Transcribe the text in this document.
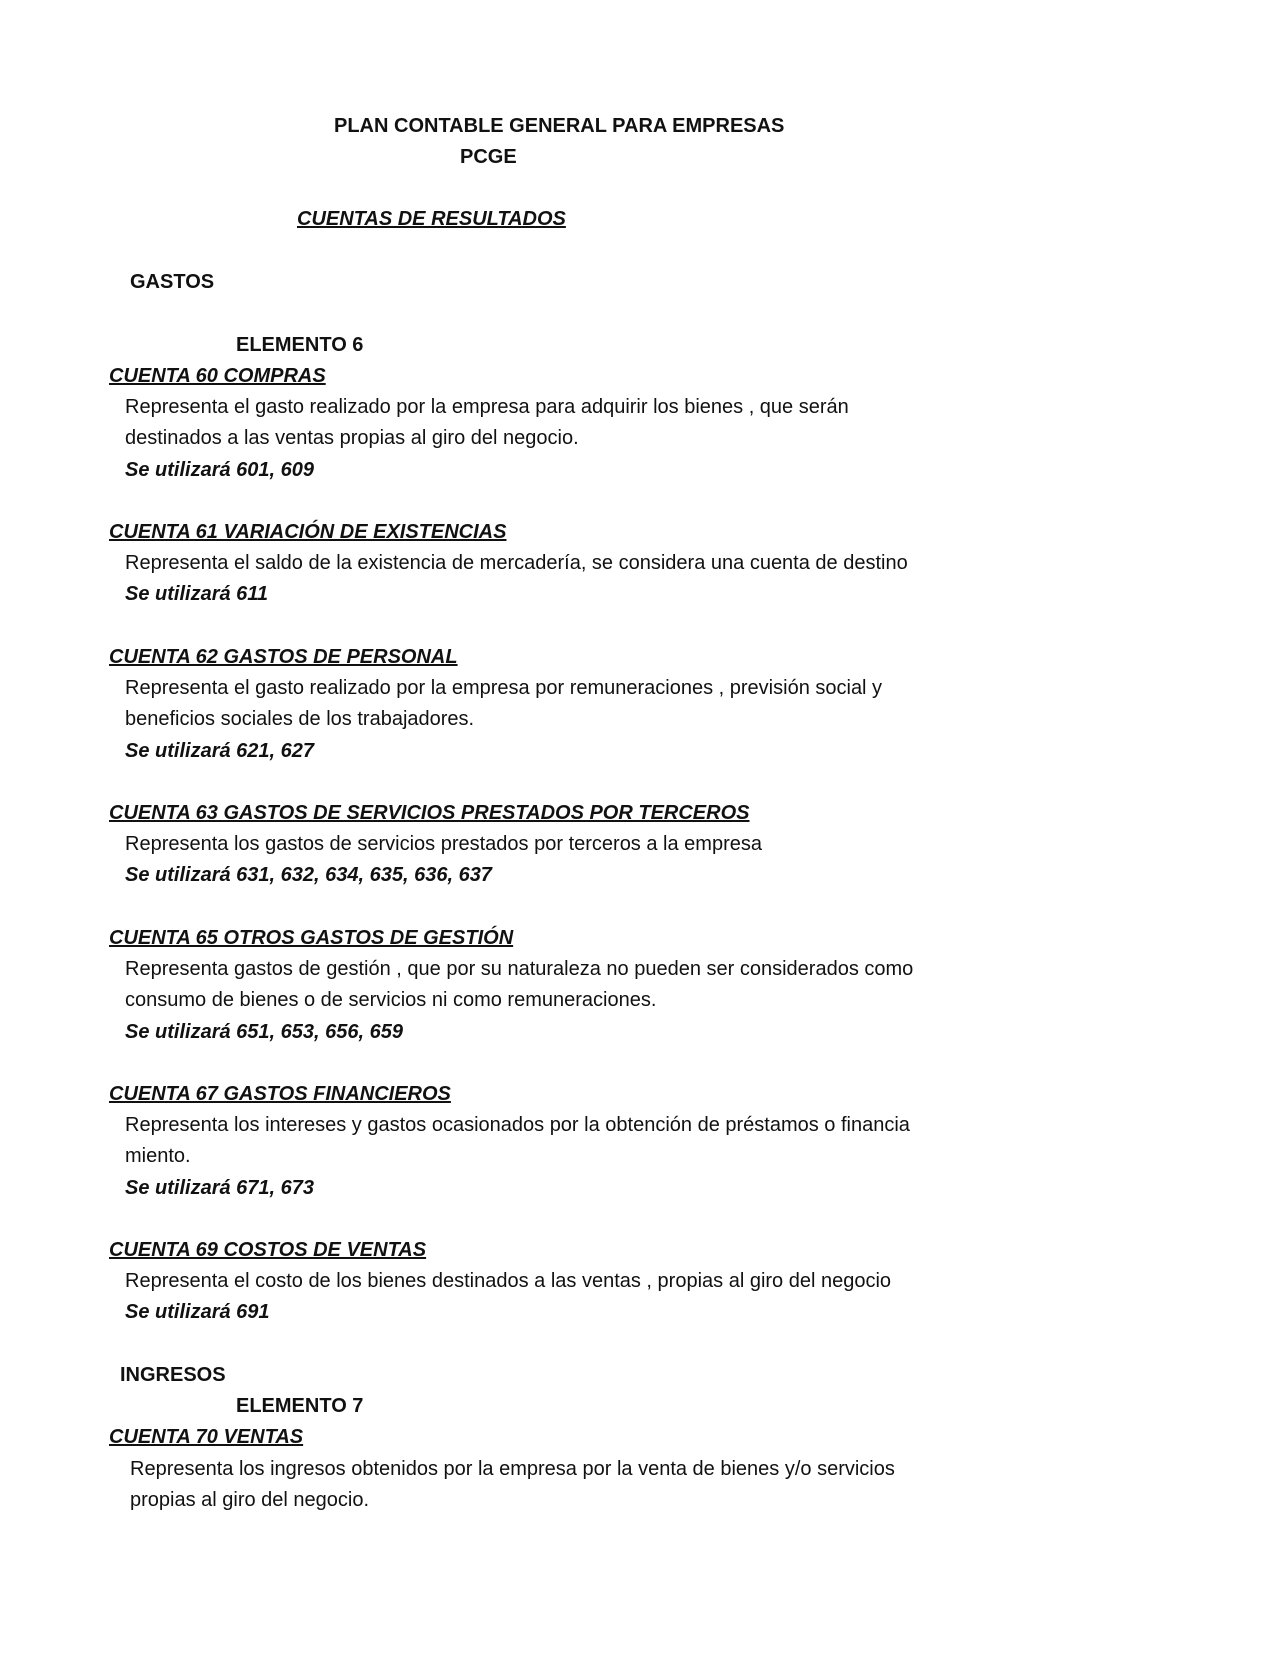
PLAN CONTABLE GENERAL PARA EMPRESAS
PCGE
CUENTAS DE RESULTADOS
GASTOS
ELEMENTO 6
CUENTA 60 COMPRAS
Representa el gasto realizado por la empresa para adquirir los bienes , que serán
destinados a las ventas propias al giro del negocio.
Se utilizará 601, 609
CUENTA 61 VARIACIÓN DE EXISTENCIAS
Representa el saldo de la existencia de mercadería, se considera una cuenta de destino
Se utilizará 611
CUENTA 62 GASTOS DE PERSONAL
Representa el gasto realizado por la empresa por remuneraciones , previsión social y
beneficios sociales de los trabajadores.
Se utilizará 621, 627
CUENTA 63 GASTOS DE SERVICIOS PRESTADOS POR TERCEROS
Representa los gastos de servicios prestados por terceros a la empresa
Se utilizará 631, 632, 634, 635, 636, 637
CUENTA 65 OTROS GASTOS DE GESTIÓN
Representa gastos de gestión , que por su naturaleza no pueden ser considerados como
consumo de bienes o de servicios ni como remuneraciones.
Se utilizará 651, 653, 656, 659
CUENTA 67 GASTOS FINANCIEROS
Representa los intereses y gastos ocasionados por la obtención de préstamos o financia
miento.
Se utilizará 671, 673
CUENTA 69 COSTOS DE VENTAS
Representa el costo de los bienes destinados a las ventas , propias al giro del negocio
Se utilizará 691
INGRESOS
ELEMENTO 7
CUENTA 70 VENTAS
Representa los ingresos obtenidos por la empresa por la venta de bienes y/o servicios
propias al giro del negocio.
